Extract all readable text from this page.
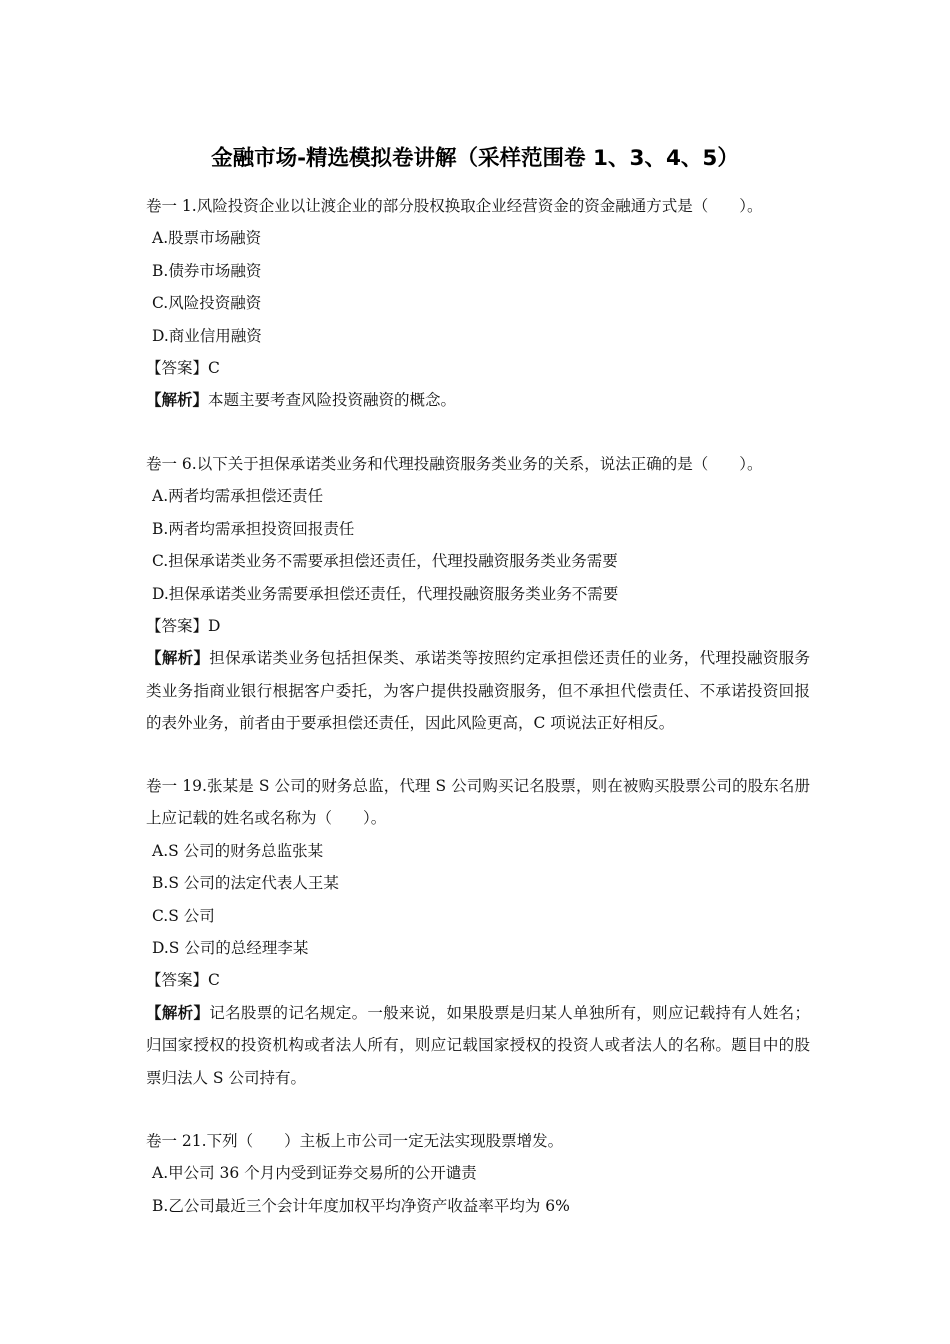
金融市场-精选模拟卷讲解（采样范围卷 1、3、4、5）
卷一 1.风险投资企业以让渡企业的部分股权换取企业经营资金的资金融通方式是（　　）。
A.股票市场融资
B.债券市场融资
C.风险投资融资
D.商业信用融资
【答案】C
【解析】本题主要考查风险投资融资的概念。
卷一 6.以下关于担保承诺类业务和代理投融资服务类业务的关系，说法正确的是（　　）。
A.两者均需承担偿还责任
B.两者均需承担投资回报责任
C.担保承诺类业务不需要承担偿还责任，代理投融资服务类业务需要
D.担保承诺类业务需要承担偿还责任，代理投融资服务类业务不需要
【答案】D
【解析】担保承诺类业务包括担保类、承诺类等按照约定承担偿还责任的业务，代理投融资服务类业务指商业银行根据客户委托，为客户提供投融资服务，但不承担代偿责任、不承诺投资回报的表外业务，前者由于要承担偿还责任，因此风险更高，C 项说法正好相反。
卷一 19.张某是 S 公司的财务总监，代理 S 公司购买记名股票，则在被购买股票公司的股东名册上应记载的姓名或名称为（　　）。
A.S 公司的财务总监张某
B.S 公司的法定代表人王某
C.S 公司
D.S 公司的总经理李某
【答案】C
【解析】记名股票的记名规定。一般来说，如果股票是归某人单独所有，则应记载持有人姓名；归国家授权的投资机构或者法人所有，则应记载国家授权的投资人或者法人的名称。题目中的股票归法人 S 公司持有。
卷一 21.下列（　　）主板上市公司一定无法实现股票增发。
A.甲公司 36 个月内受到证券交易所的公开谴责
B.乙公司最近三个会计年度加权平均净资产收益率平均为 6%
